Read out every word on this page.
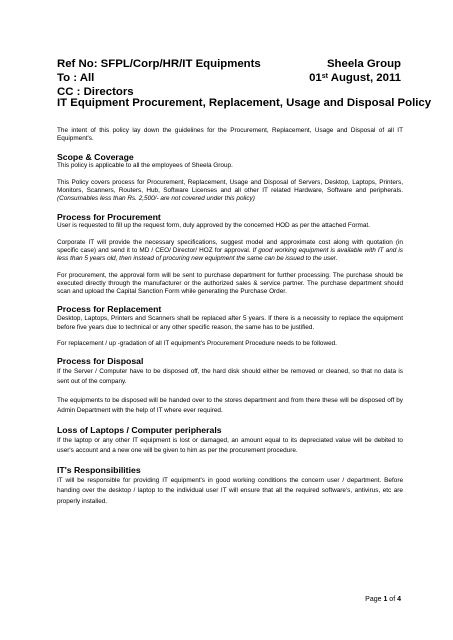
Ref No: SFPL/Corp/HR/IT Equipments	Sheela Group
To : All	01st August, 2011
CC : Directors
IT Equipment Procurement, Replacement, Usage and Disposal Policy

The intent of this policy lay down the guidelines for the Procurement, Replacement, Usage and Disposal of all IT Equipment's.

Scope & Coverage

This policy is applicable to all the employees of Sheela Group.

This Policy covers process for Procurement, Replacement, Usage and Disposal of Servers, Desktop, Laptops, Printers, Monitors, Scanners, Routers, Hub, Software Licenses and all other IT related Hardware, Software and peripherals. (Consumables less than Rs. 2,500/- are not covered under this policy)

Process for Procurement

User is requested to fill up the request form, duly approved by the concerned HOD as per the attached Format.

Corporate IT will provide the necessary specifications, suggest model and approximate cost along with quotation (in specific case) and send it to MD / CEO/ Director/ HOZ for approval. If good working equipment is available with IT and is less than 5 years old, then instead of procuring new equipment the same can be issued to the user.

For procurement, the approval form will be sent to purchase department for further processing. The purchase should be executed directly through the manufacturer or the authorized sales & service partner. The purchase department should scan and upload the Capital Sanction Form while generating the Purchase Order.

Process for Replacement

Desktop, Laptops, Printers and Scanners shall be replaced after 5 years. If there is a necessity to replace the equipment before five years due to technical or any other specific reason, the same has to be justified.

For replacement / up -gradation of all IT equipment's Procurement Procedure needs to be followed.

Process for Disposal

If the Server / Computer have to be disposed off, the hard disk should either be removed or cleaned, so that no data is sent out of the company.

The equipments to be disposed will be handed over to the stores department and from there these will be disposed off by Admin Department with the help of IT where ever required.

Loss of Laptops / Computer peripherals

If the laptop or any other IT equipment is lost or damaged, an amount equal to its depreciated value will be debited to user's account and a new one will be given to him as per the procurement procedure.

IT's Responsibilities

IT will be responsible for providing IT equipment's in good working conditions the concern user / department. Before handing over the desktop / laptop to the individual user IT will ensure that all the required software's, antivirus, etc are properly installed.

Page 1 of 4
